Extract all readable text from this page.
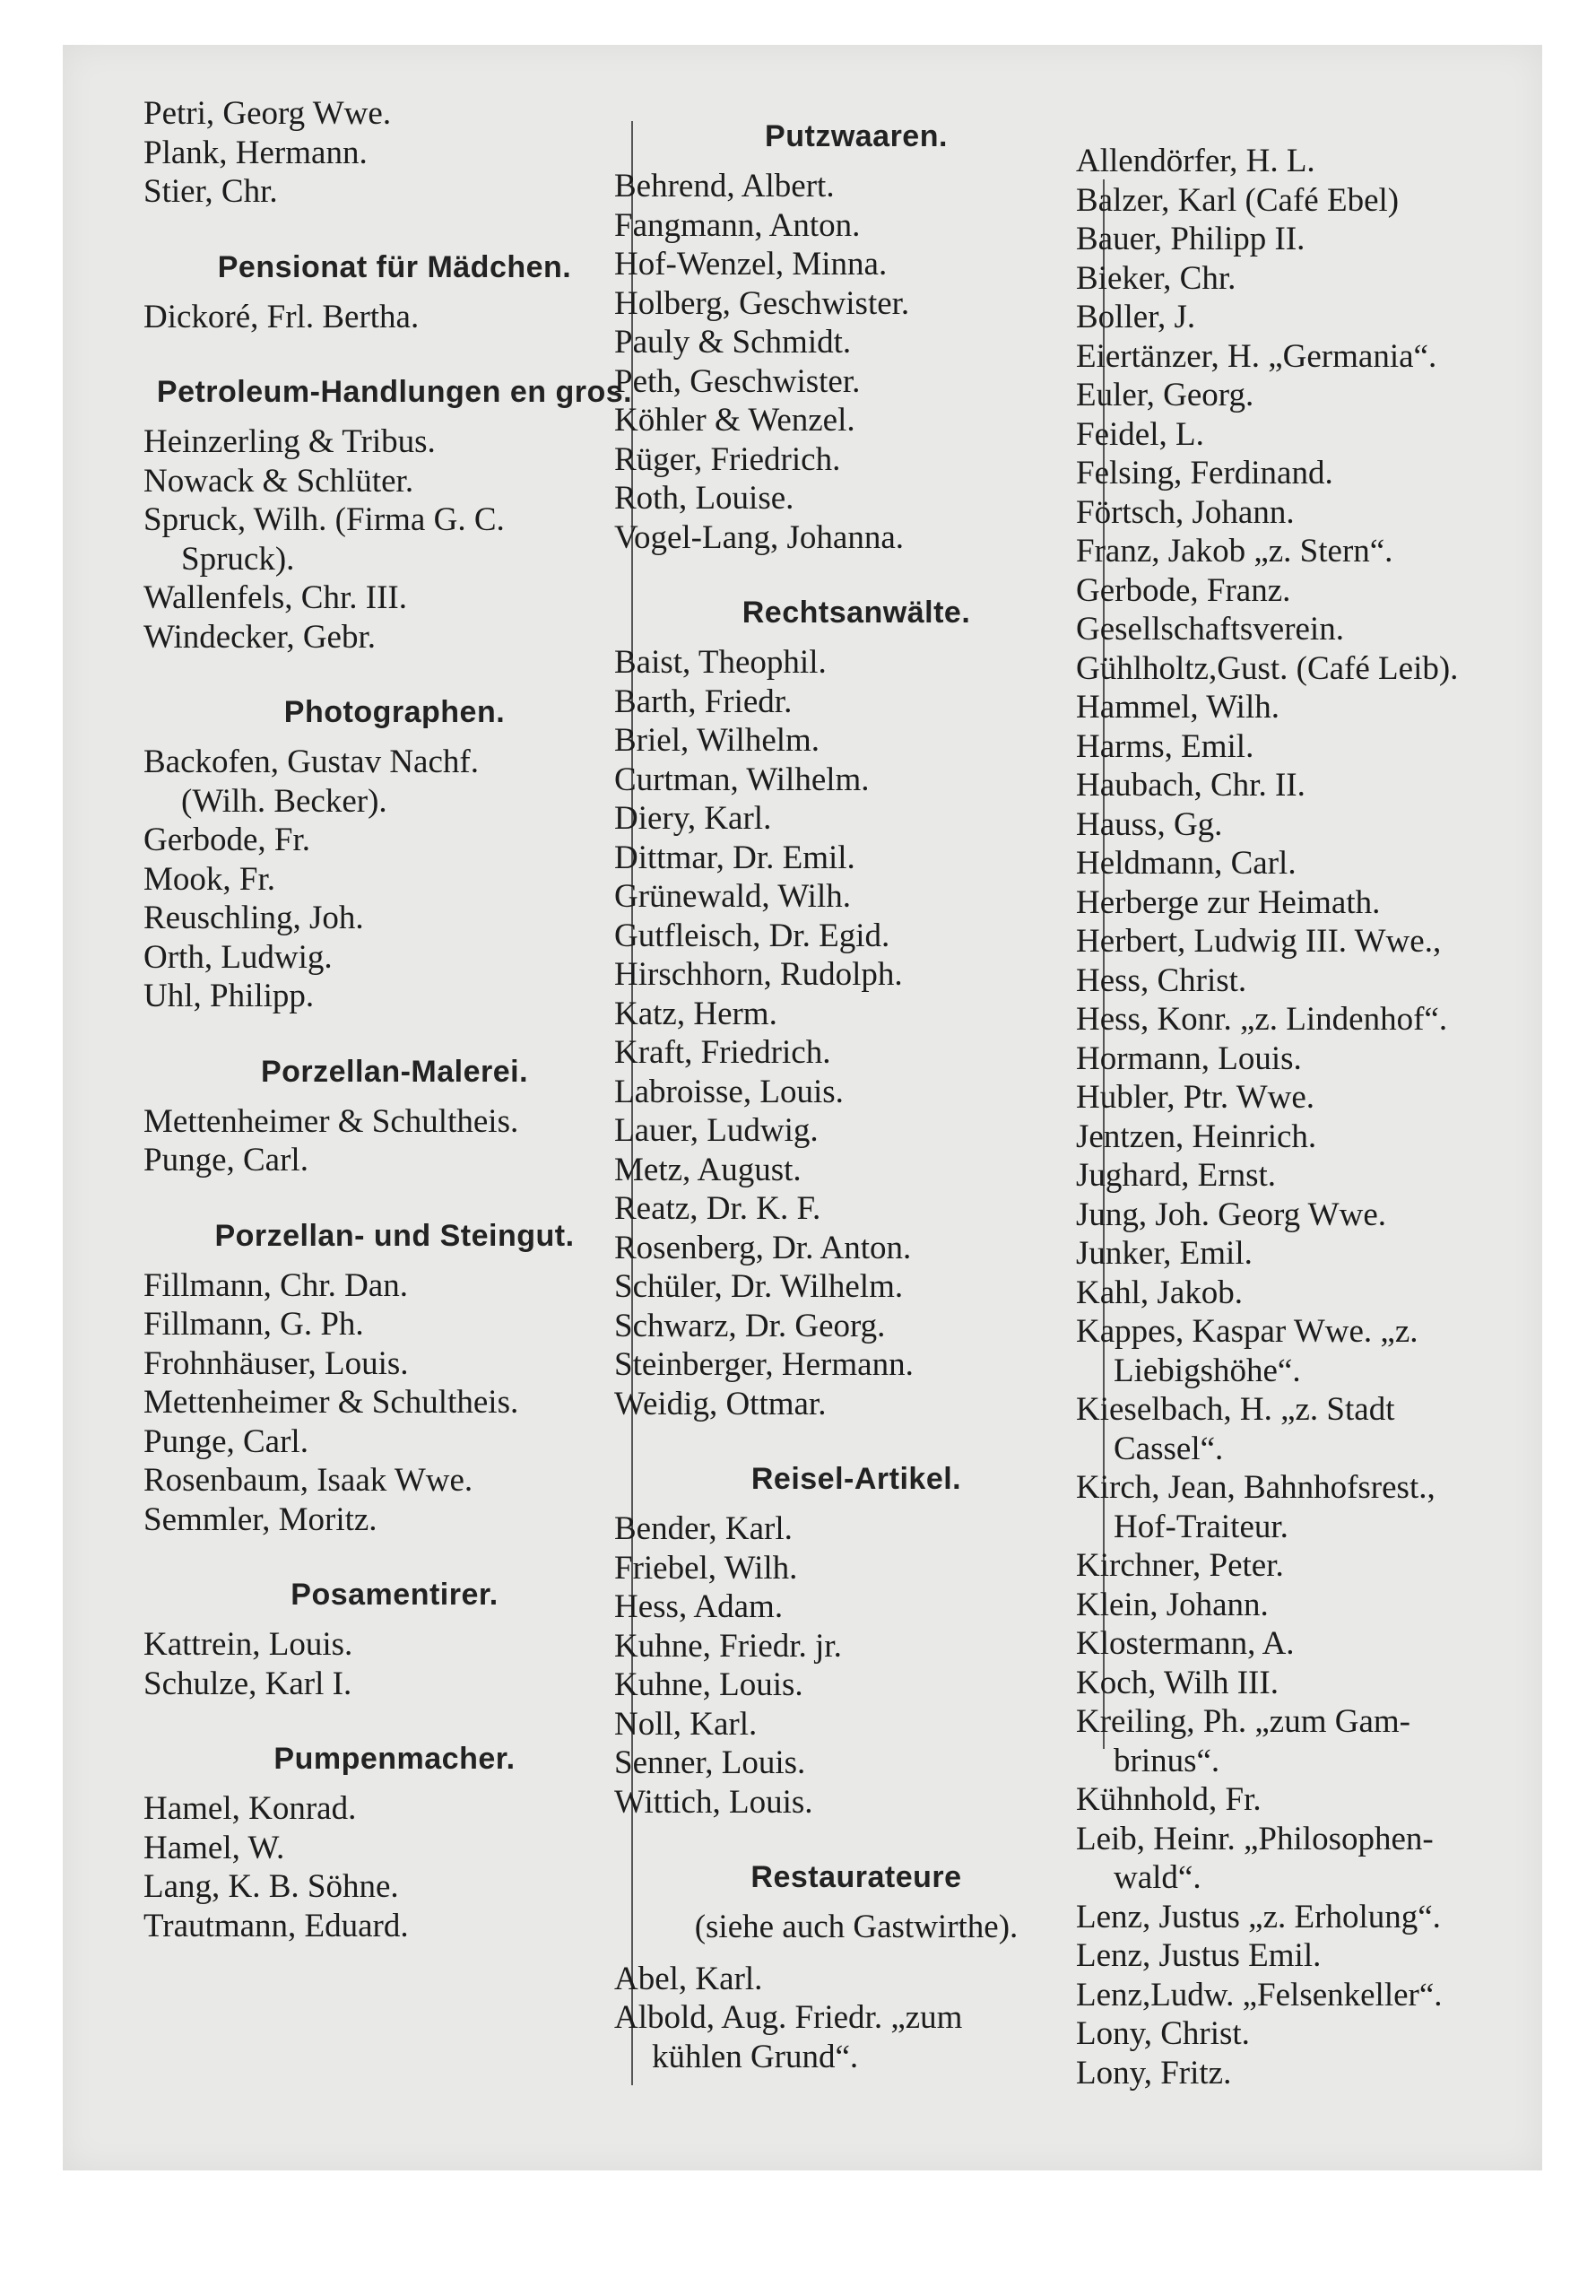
Petri, Georg Wwe.
Plank, Hermann.
Stier, Chr.
Pensionat für Mädchen.
Dickoré, Frl. Bertha.
Petroleum-Handlungen en gros.
Heinzerling & Tribus.
Nowack & Schlüter.
Spruck, Wilh. (Firma G. C.
Spruck).
Wallenfels, Chr. III.
Windecker, Gebr.
Photographen.
Backofen, Gustav Nachf.
(Wilh. Becker).
Gerbode, Fr.
Mook, Fr.
Reuschling, Joh.
Orth, Ludwig.
Uhl, Philipp.
Porzellan-Malerei.
Mettenheimer & Schultheis.
Punge, Carl.
Porzellan- und Steingut.
Fillmann, Chr. Dan.
Fillmann, G. Ph.
Frohnhäuser, Louis.
Mettenheimer & Schultheis.
Punge, Carl.
Rosenbaum, Isaak Wwe.
Semmler, Moritz.
Posamentirer.
Kattrein, Louis.
Schulze, Karl I.
Pumpenmacher.
Hamel, Konrad.
Hamel, W.
Lang, K. B. Söhne.
Trautmann, Eduard.
Putzwaaren.
Behrend, Albert.
Fangmann, Anton.
Hof-Wenzel, Minna.
Holberg, Geschwister.
Pauly & Schmidt.
Peth, Geschwister.
Köhler & Wenzel.
Rüger, Friedrich.
Roth, Louise.
Vogel-Lang, Johanna.
Rechtsanwälte.
Baist, Theophil.
Barth, Friedr.
Briel, Wilhelm.
Curtman, Wilhelm.
Diery, Karl.
Dittmar, Dr. Emil.
Grünewald, Wilh.
Gutfleisch, Dr. Egid.
Hirschhorn, Rudolph.
Katz, Herm.
Kraft, Friedrich.
Labroisse, Louis.
Lauer, Ludwig.
Metz, August.
Reatz, Dr. K. F.
Rosenberg, Dr. Anton.
Schüler, Dr. Wilhelm.
Schwarz, Dr. Georg.
Steinberger, Hermann.
Weidig, Ottmar.
Reisel-Artikel.
Bender, Karl.
Friebel, Wilh.
Hess, Adam.
Kuhne, Friedr. jr.
Kuhne, Louis.
Noll, Karl.
Senner, Louis.
Wittich, Louis.
Restaurateure
(siehe auch Gastwirthe).
Abel, Karl.
Albold, Aug. Friedr. „zum
kühlen Grund“.
Allendörfer, H. L.
Balzer, Karl (Café Ebel)
Bauer, Philipp II.
Bieker, Chr.
Boller, J.
Eiertänzer, H. „Germania“.
Euler, Georg.
Feidel, L.
Felsing, Ferdinand.
Förtsch, Johann.
Franz, Jakob „z. Stern“.
Gerbode, Franz.
Gesellschaftsverein.
Gühlholtz,Gust. (Café Leib).
Hammel, Wilh.
Harms, Emil.
Haubach, Chr. II.
Hauss, Gg.
Heldmann, Carl.
Herberge zur Heimath.
Herbert, Ludwig III. Wwe.,
Hess, Christ.
Hess, Konr. „z. Lindenhof“.
Hormann, Louis.
Hubler, Ptr. Wwe.
Jentzen, Heinrich.
Jughard, Ernst.
Jung, Joh. Georg Wwe.
Junker, Emil.
Kahl, Jakob.
Kappes, Kaspar Wwe. „z.
Liebigshöhe“.
Kieselbach, H. „z. Stadt
Cassel“.
Kirch, Jean, Bahnhofsrest.,
Hof-Traiteur.
Kirchner, Peter.
Klein, Johann.
Klostermann, A.
Koch, Wilh III.
Kreiling, Ph. „zum Gam-
brinus“.
Kühnhold, Fr.
Leib, Heinr. „Philosophen-
wald“.
Lenz, Justus „z. Erholung“.
Lenz, Justus Emil.
Lenz,Ludw. „Felsenkeller“.
Lony, Christ.
Lony, Fritz.
